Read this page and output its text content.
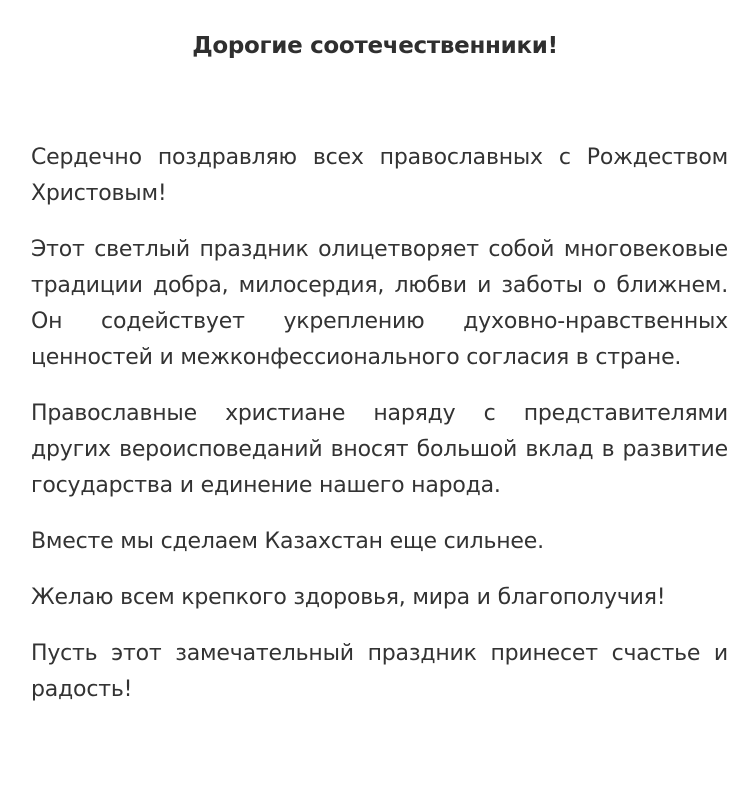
Дорогие соотечественники!

Сердечно поздравляю всех православных с Рождеством Христовым!

Этот светлый праздник олицетворяет собой многовековые традиции добра, милосердия, любви и заботы о ближнем. Он содействует укреплению духовно-нравственных ценностей и межконфессионального согласия в стране.

Православные христиане наряду с представителями других вероисповеданий вносят большой вклад в развитие государства и единение нашего народа.

Вместе мы сделаем Казахстан еще сильнее.

Желаю всем крепкого здоровья, мира и благополучия!

Пусть этот замечательный праздник принесет счастье и радость!
